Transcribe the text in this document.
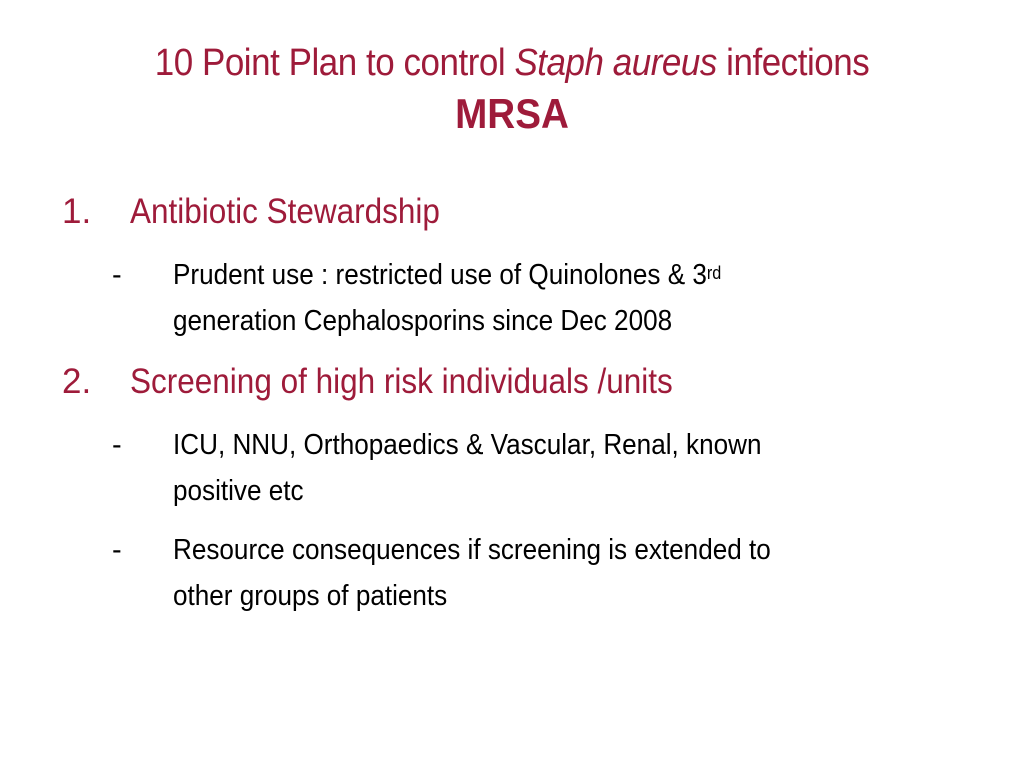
10 Point Plan to control Staph aureus infections
MRSA
1. Antibiotic Stewardship
- Prudent use : restricted use of Quinolones & 3rd
generation Cephalosporins since Dec 2008
2. Screening of high risk individuals /units
- ICU, NNU, Orthopaedics & Vascular, Renal, known
positive etc
- Resource consequences if screening is extended to
other groups of patients
